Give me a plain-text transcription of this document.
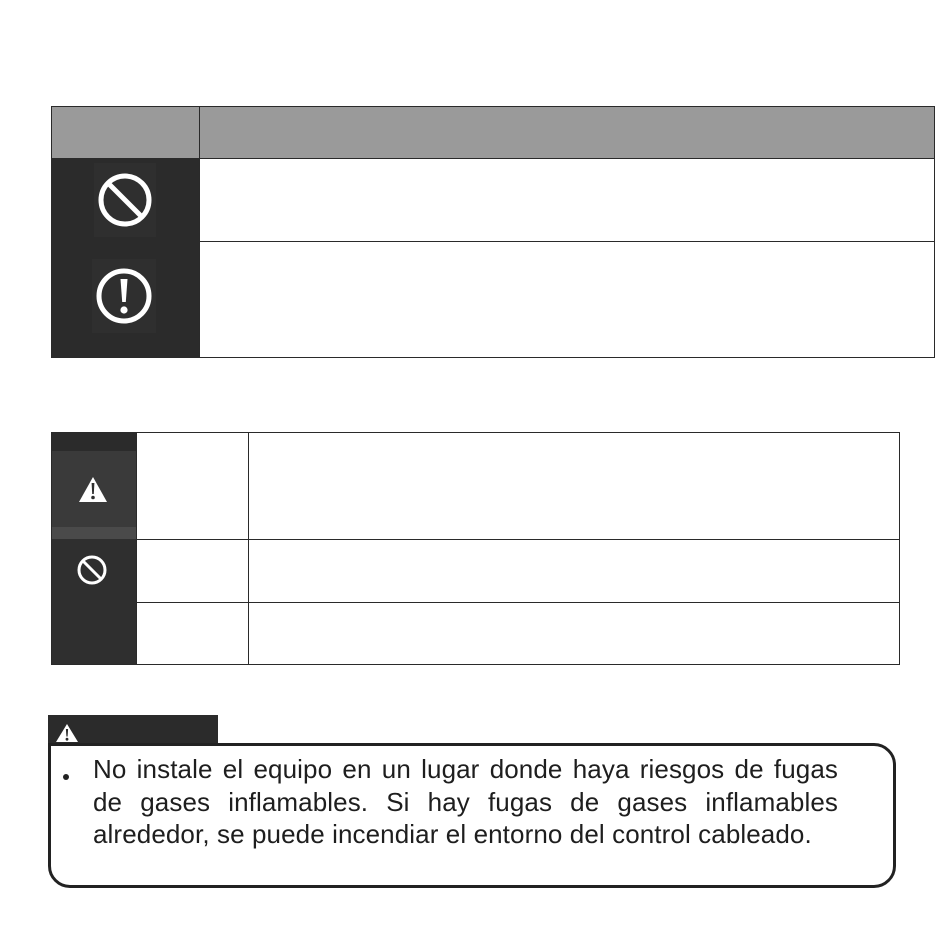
No instale el equipo en un lugar donde haya riesgos de fugas de gases inflamables. Si hay fugas de gases inflamables alrededor, se puede incendiar el entorno del control cableado.
